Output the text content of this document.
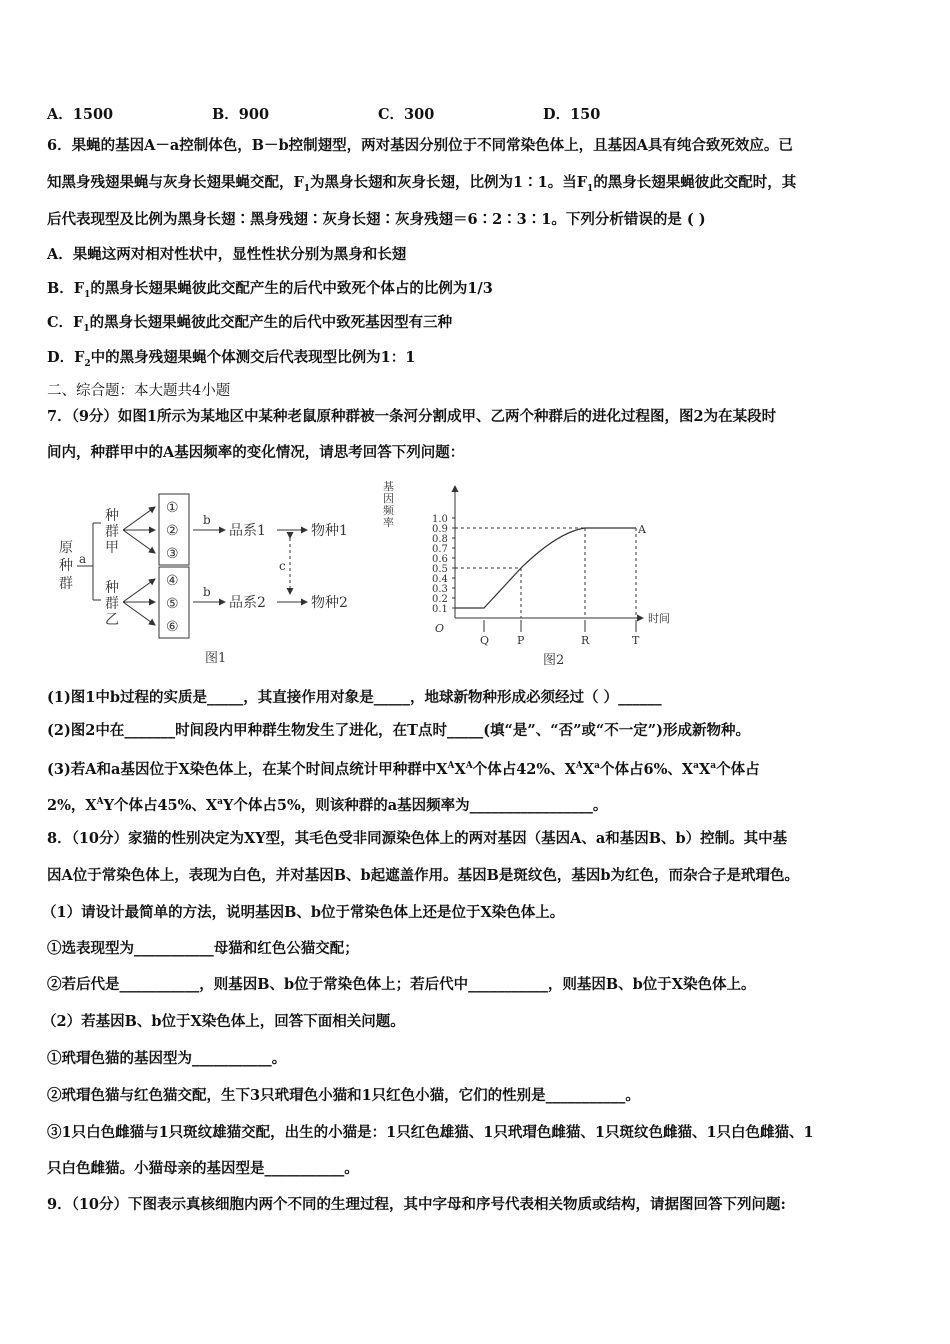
A．1500	B．900	C．300	D．150
6．果蝇的基因A－a控制体色，B－b控制翅型，两对基因分别位于不同常染色体上，且基因A具有纯合致死效应。已
知黑身残翅果蝇与灰身长翅果蝇交配，$F_1$为黑身长翅和灰身长翅，比例为1∶1。当$F_1$的黑身长翅果蝇彼此交配时，其
后代表现型及比例为黑身长翅∶黑身残翅∶灰身长翅∶灰身残翅＝6∶2∶3∶1。下列分析错误的是 ( )
A．果蝇这两对相对性状中，显性性状分别为黑身和长翅
B．$F_1$的黑身长翅果蝇彼此交配产生的后代中致死个体占的比例为1/3
C．$F_1$的黑身长翅果蝇彼此交配产生的后代中致死基因型有三种
D．$F_2$中的黑身残翅果蝇个体测交后代表现型比例为1：1
二、综合题：本大题共4小题
7．（9分）如图1所示为某地区中某种老鼠原种群被一条河分割成甲、乙两个种群后的进化过程图，图2为在某段时
间内，种群甲中的A基因频率的变化情况，请思考回答下列问题：
原
种
群
a
种
群
甲
种
群
乙
①
②
③
④
⑤
⑥
b
品系1	物种1
b
品系2	物种2
c
图1
基
因
频
率	1.0
0.9
0.8
0.7
0.6
0.5
0.4
0.3
0.2
0.1
O
时间
A
Q	P	R	T
图2
(1)图1中b过程的实质是_____，其直接作用对象是_____，地球新物种形成必须经过（ ）______
(2)图2中在_______时间段内甲种群生物发生了进化，在T点时_____(填“是”、“否”或“不一定”)形成新物种。
(3)若A和a基因位于X染色体上，在某个时间点统计甲种群中$X^AX^A$个体占42%、$X^AX^a$个体占6%、$X^aX^a$个体占
2%，$X^AY$个体占45%、$X^aY$个体占5%，则该种群的a基因频率为_________________。
8．（10分）家猫的性别决定为XY型，其毛色受非同源染色体上的两对基因（基因A、a和基因B、b）控制。其中基
因A位于常染色体上，表现为白色，并对基因B、b起遮盖作用。基因B是斑纹色，基因b为红色，而杂合子是玳瑁色。
（1）请设计最简单的方法，说明基因B、b位于常染色体上还是位于X染色体上。
①选表现型为___________母猫和红色公猫交配；
②若后代是___________，则基因B、b位于常染色体上；若后代中___________，则基因B、b位于X染色体上。
（2）若基因B、b位于X染色体上，回答下面相关问题。
①玳瑁色猫的基因型为___________。
②玳瑁色猫与红色猫交配，生下3只玳瑁色小猫和1只红色小猫，它们的性别是___________。
③1只白色雌猫与1只斑纹雄猫交配，出生的小猫是：1只红色雄猫、1只玳瑁色雌猫、1只斑纹色雌猫、1只白色雌猫、1
只白色雌猫。小猫母亲的基因型是___________。
9．（10分）下图表示真核细胞内两个不同的生理过程，其中字母和序号代表相关物质或结构，请据图回答下列问题:
